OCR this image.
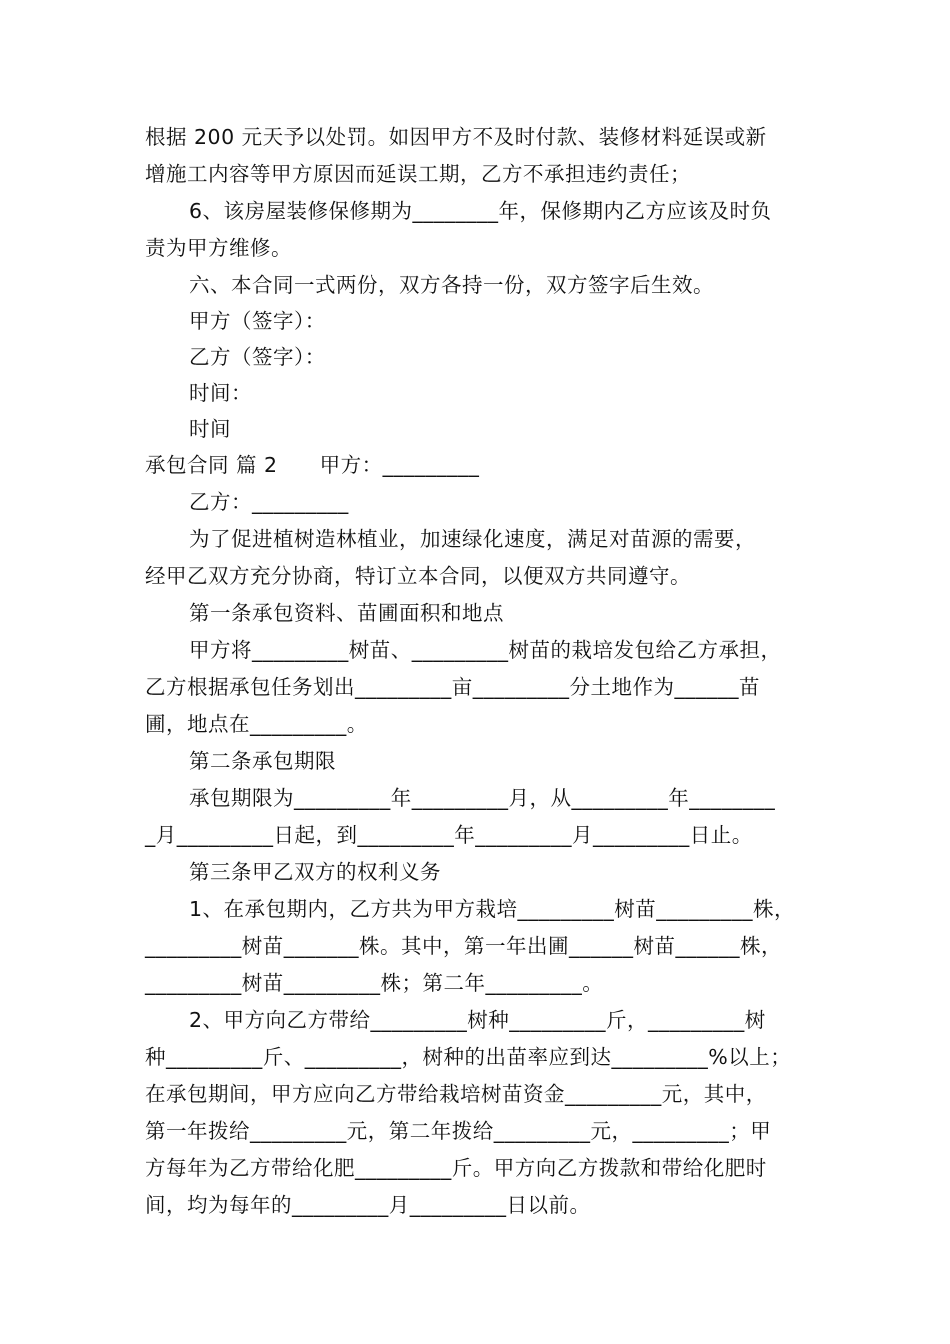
根据 200 元天予以处罚。如因甲方不及时付款、装修材料延误或新
增施工内容等甲方原因而延误工期，乙方不承担违约责任；
6、该房屋装修保修期为________年，保修期内乙方应该及时负
责为甲方维修。
六、本合同一式两份，双方各持一份，双方签字后生效。
甲方（签字）：
乙方（签字）：
时间：
时间
承包合同 篇 2　　甲方：_________
乙方：_________
为了促进植树造林植业，加速绿化速度，满足对苗源的需要，
经甲乙双方充分协商，特订立本合同，以便双方共同遵守。
第一条承包资料、苗圃面积和地点
甲方将_________树苗、_________树苗的栽培发包给乙方承担，
乙方根据承包任务划出_________亩_________分土地作为______苗
圃，地点在_________。
第二条承包期限
承包期限为_________年_________月，从_________年________
_月_________日起，到_________年_________月_________日止。
第三条甲乙双方的权利义务
1、在承包期内，乙方共为甲方栽培_________树苗_________株，
_________树苗_______株。其中，第一年出圃______树苗______株，
_________树苗_________株；第二年_________。
2、甲方向乙方带给_________树种_________斤，_________树
种_________斤、_________，树种的出苗率应到达_________%以上；
在承包期间，甲方应向乙方带给栽培树苗资金_________元，其中，
第一年拨给_________元，第二年拨给_________元，_________；甲
方每年为乙方带给化肥_________斤。甲方向乙方拨款和带给化肥时
间，均为每年的_________月_________日以前。
